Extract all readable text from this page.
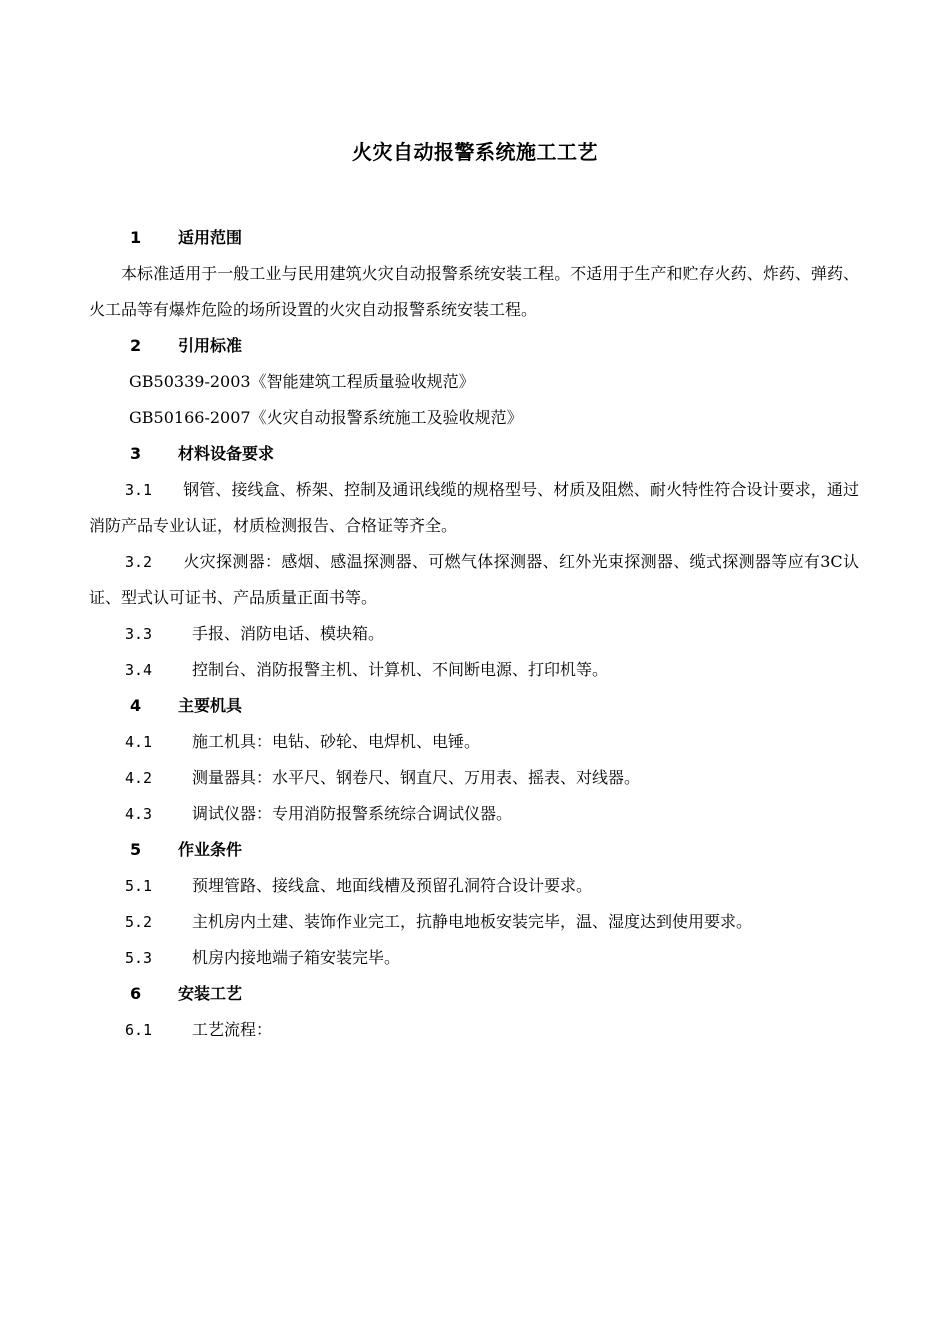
火灾自动报警系统施工工艺
1 适用范围
本标准适用于一般工业与民用建筑火灾自动报警系统安装工程。不适用于生产和贮存火药、炸药、弹药、火工品等有爆炸危险的场所设置的火灾自动报警系统安装工程。
2 引用标准
GB50339-2003《智能建筑工程质量验收规范》
GB50166-2007《火灾自动报警系统施工及验收规范》
3 材料设备要求
3.1 钢管、接线盒、桥架、控制及通讯线缆的规格型号、材质及阻燃、耐火特性符合设计要求，通过消防产品专业认证，材质检测报告、合格证等齐全。
3.2 火灾探测器：感烟、感温探测器、可燃气体探测器、红外光束探测器、缆式探测器等应有3C认证、型式认可证书、产品质量正面书等。
3.3 手报、消防电话、模块箱。
3.4 控制台、消防报警主机、计算机、不间断电源、打印机等。
4 主要机具
4.1 施工机具：电钻、砂轮、电焊机、电锤。
4.2 测量器具：水平尺、钢卷尺、钢直尺、万用表、摇表、对线器。
4.3 调试仪器：专用消防报警系统综合调试仪器。
5 作业条件
5.1 预埋管路、接线盒、地面线槽及预留孔洞符合设计要求。
5.2 主机房内土建、装饰作业完工，抗静电地板安装完毕，温、湿度达到使用要求。
5.3 机房内接地端子箱安装完毕。
6 安装工艺
6.1 工艺流程：
